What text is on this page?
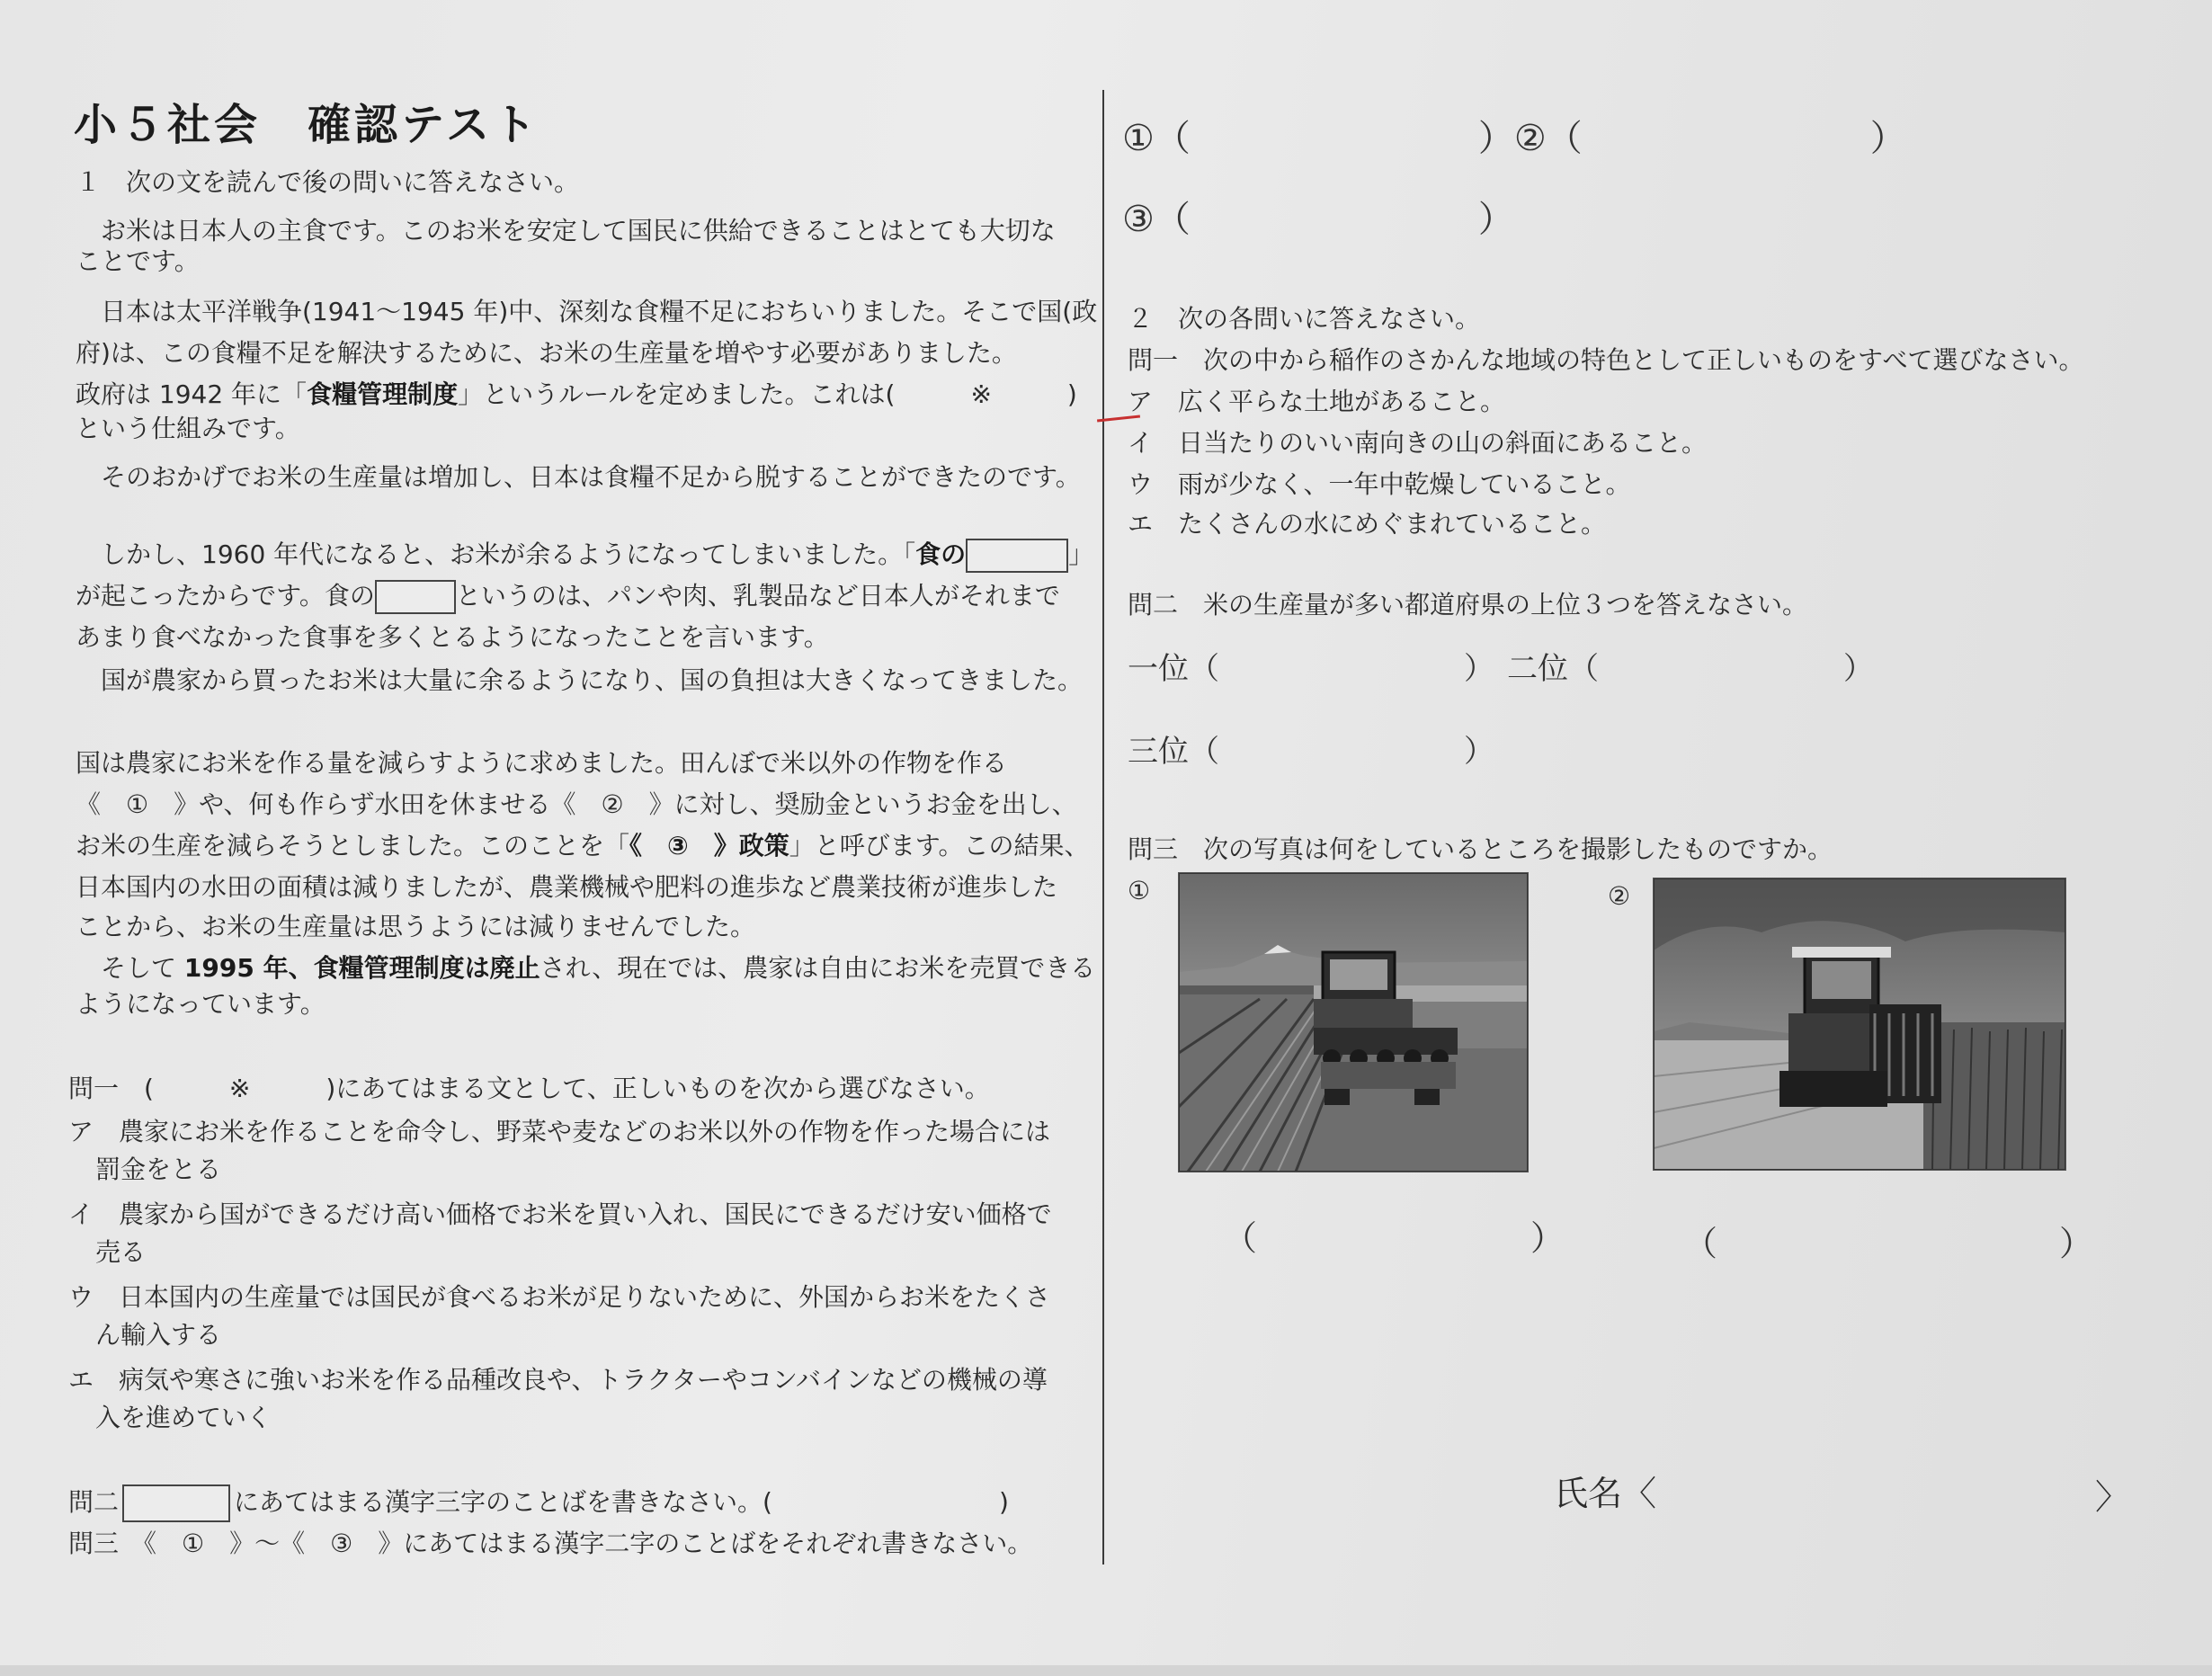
小５社会　確認テスト
１　次の文を読んで後の問いに答えなさい。
　お米は日本人の主食です。このお米を安定して国民に供給できることはとても大切な
ことです。
　日本は太平洋戦争(1941～1945 年)中、深刻な食糧不足におちいりました。そこで国(政
府)は、この食糧不足を解決するために、お米の生産量を増やす必要がありました。
政府は 1942 年に「食糧管理制度」というルールを定めました。これは(　　　※　　　)
という仕組みです。
　そのおかげでお米の生産量は増加し、日本は食糧不足から脱することができたのです。
　しかし、1960 年代になると、お米が余るようになってしまいました。「食の	」
が起こったからです。食の	というのは、パンや肉、乳製品など日本人がそれまで
あまり食べなかった食事を多くとるようになったことを言います。
　国が農家から買ったお米は大量に余るようになり、国の負担は大きくなってきました。
国は農家にお米を作る量を減らすように求めました。田んぼで米以外の作物を作る
《　①　》や、何も作らず水田を休ませる《　②　》に対し、奨励金というお金を出し、
お米の生産を減らそうとしました。このことを「《　③　》政策」と呼びます。この結果、
日本国内の水田の面積は減りましたが、農業機械や肥料の進歩など農業技術が進歩した
ことから、お米の生産量は思うようには減りませんでした。
　そして 1995 年、食糧管理制度は廃止され、現在では、農家は自由にお米を売買できる
ようになっています。
問一　(　　　※　　　)にあてはまる文として、正しいものを次から選びなさい。
ア　農家にお米を作ることを命令し、野菜や麦などのお米以外の作物を作った場合には
罰金をとる
イ　農家から国ができるだけ高い価格でお米を買い入れ、国民にできるだけ安い価格で
売る
ウ　日本国内の生産量では国民が食べるお米が足りないために、外国からお米をたくさ
ん輸入する
エ　病気や寒さに強いお米を作る品種改良や、トラクターやコンバインなどの機械の導
入を進めていく
問二	にあてはまる漢字三字のことばを書きなさい。(　　　　　　　　　)
問三　《　①　》～《　③　》にあてはまる漢字二字のことばをそれぞれ書きなさい。
①（　　　　　　　　）②（　　　　　　　　）
③（　　　　　　　　）
２　次の各問いに答えなさい。
問一　次の中から稲作のさかんな地域の特色として正しいものをすべて選びなさい。
ア　広く平らな土地があること。
イ　日当たりのいい南向きの山の斜面にあること。
ウ　雨が少なく、一年中乾燥していること。
エ　たくさんの水にめぐまれていること。
問二　米の生産量が多い都道府県の上位３つを答えなさい。
一位（　　　　　　　　） 二位（　　　　　　　　）
三位（　　　　　　　　）
問三　次の写真は何をしているところを撮影したものですか。
①	②
（　　　　　　　　）	（　　　　　　　　　　）
氏名〈	〉
